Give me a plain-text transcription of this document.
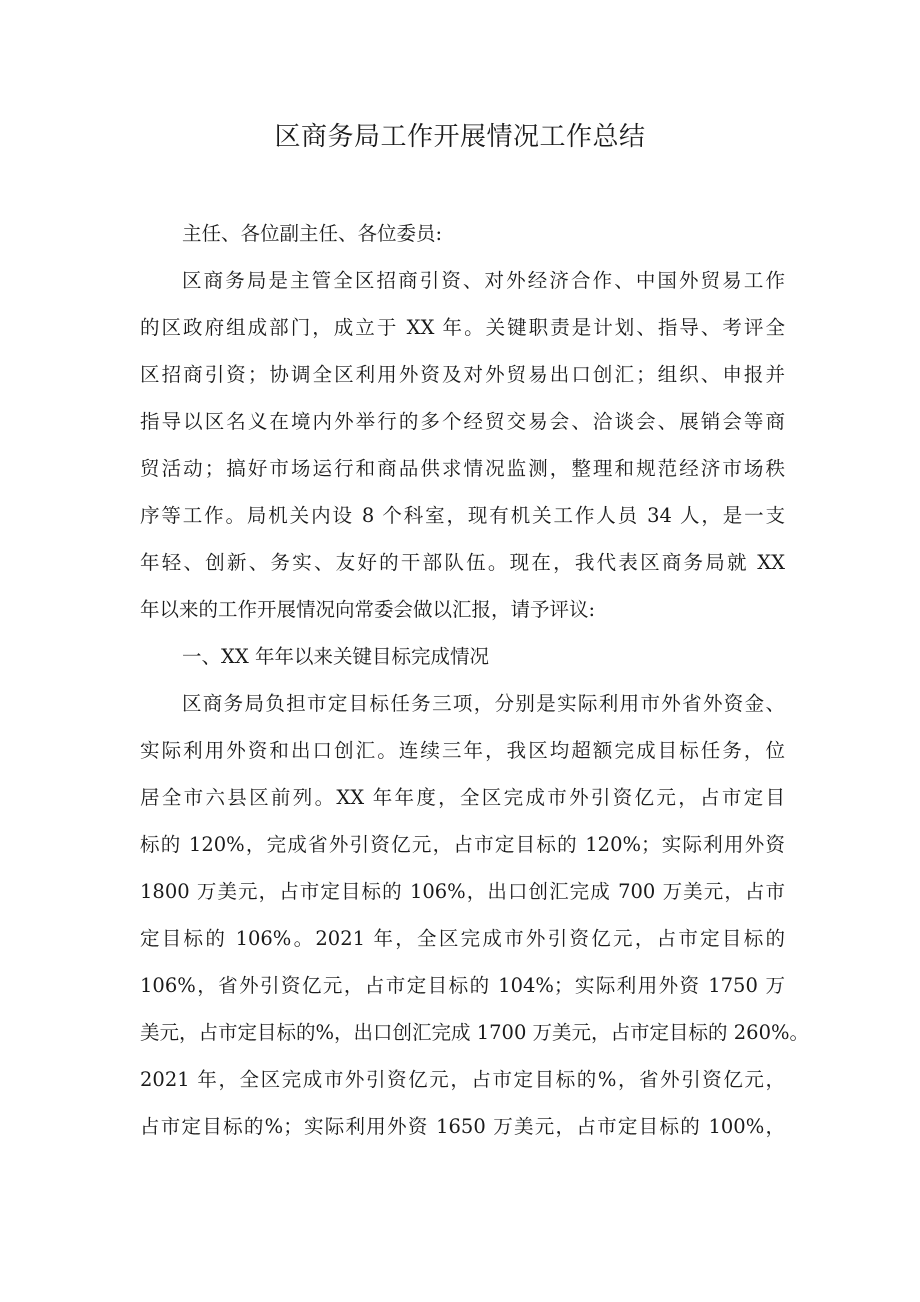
区商务局工作开展情况工作总结
主任、各位副主任、各位委员:
区商务局是主管全区招商引资、对外经济合作、中国外贸易工作
的区政府组成部门，成立于 XX 年。关键职责是计划、指导、考评全
区招商引资；协调全区利用外资及对外贸易出口创汇；组织、申报并
指导以区名义在境内外举行的多个经贸交易会、洽谈会、展销会等商
贸活动；搞好市场运行和商品供求情况监测，整理和规范经济市场秩
序等工作。局机关内设 8 个科室，现有机关工作人员 34 人，是一支
年轻、创新、务实、友好的干部队伍。现在，我代表区商务局就 XX
年以来的工作开展情况向常委会做以汇报，请予评议:
一、XX 年年以来关键目标完成情况
区商务局负担市定目标任务三项，分别是实际利用市外省外资金、
实际利用外资和出口创汇。连续三年，我区均超额完成目标任务，位
居全市六县区前列。XX 年年度，全区完成市外引资亿元，占市定目
标的 120%，完成省外引资亿元，占市定目标的 120%；实际利用外资
1800 万美元，占市定目标的 106%，出口创汇完成 700 万美元，占市
定目标的 106%。2021 年，全区完成市外引资亿元，占市定目标的
106%，省外引资亿元，占市定目标的 104%；实际利用外资 1750 万
美元，占市定目标的%，出口创汇完成 1700 万美元，占市定目标的 260%。
2021 年，全区完成市外引资亿元，占市定目标的%，省外引资亿元，
占市定目标的%；实际利用外资 1650 万美元，占市定目标的 100%，
